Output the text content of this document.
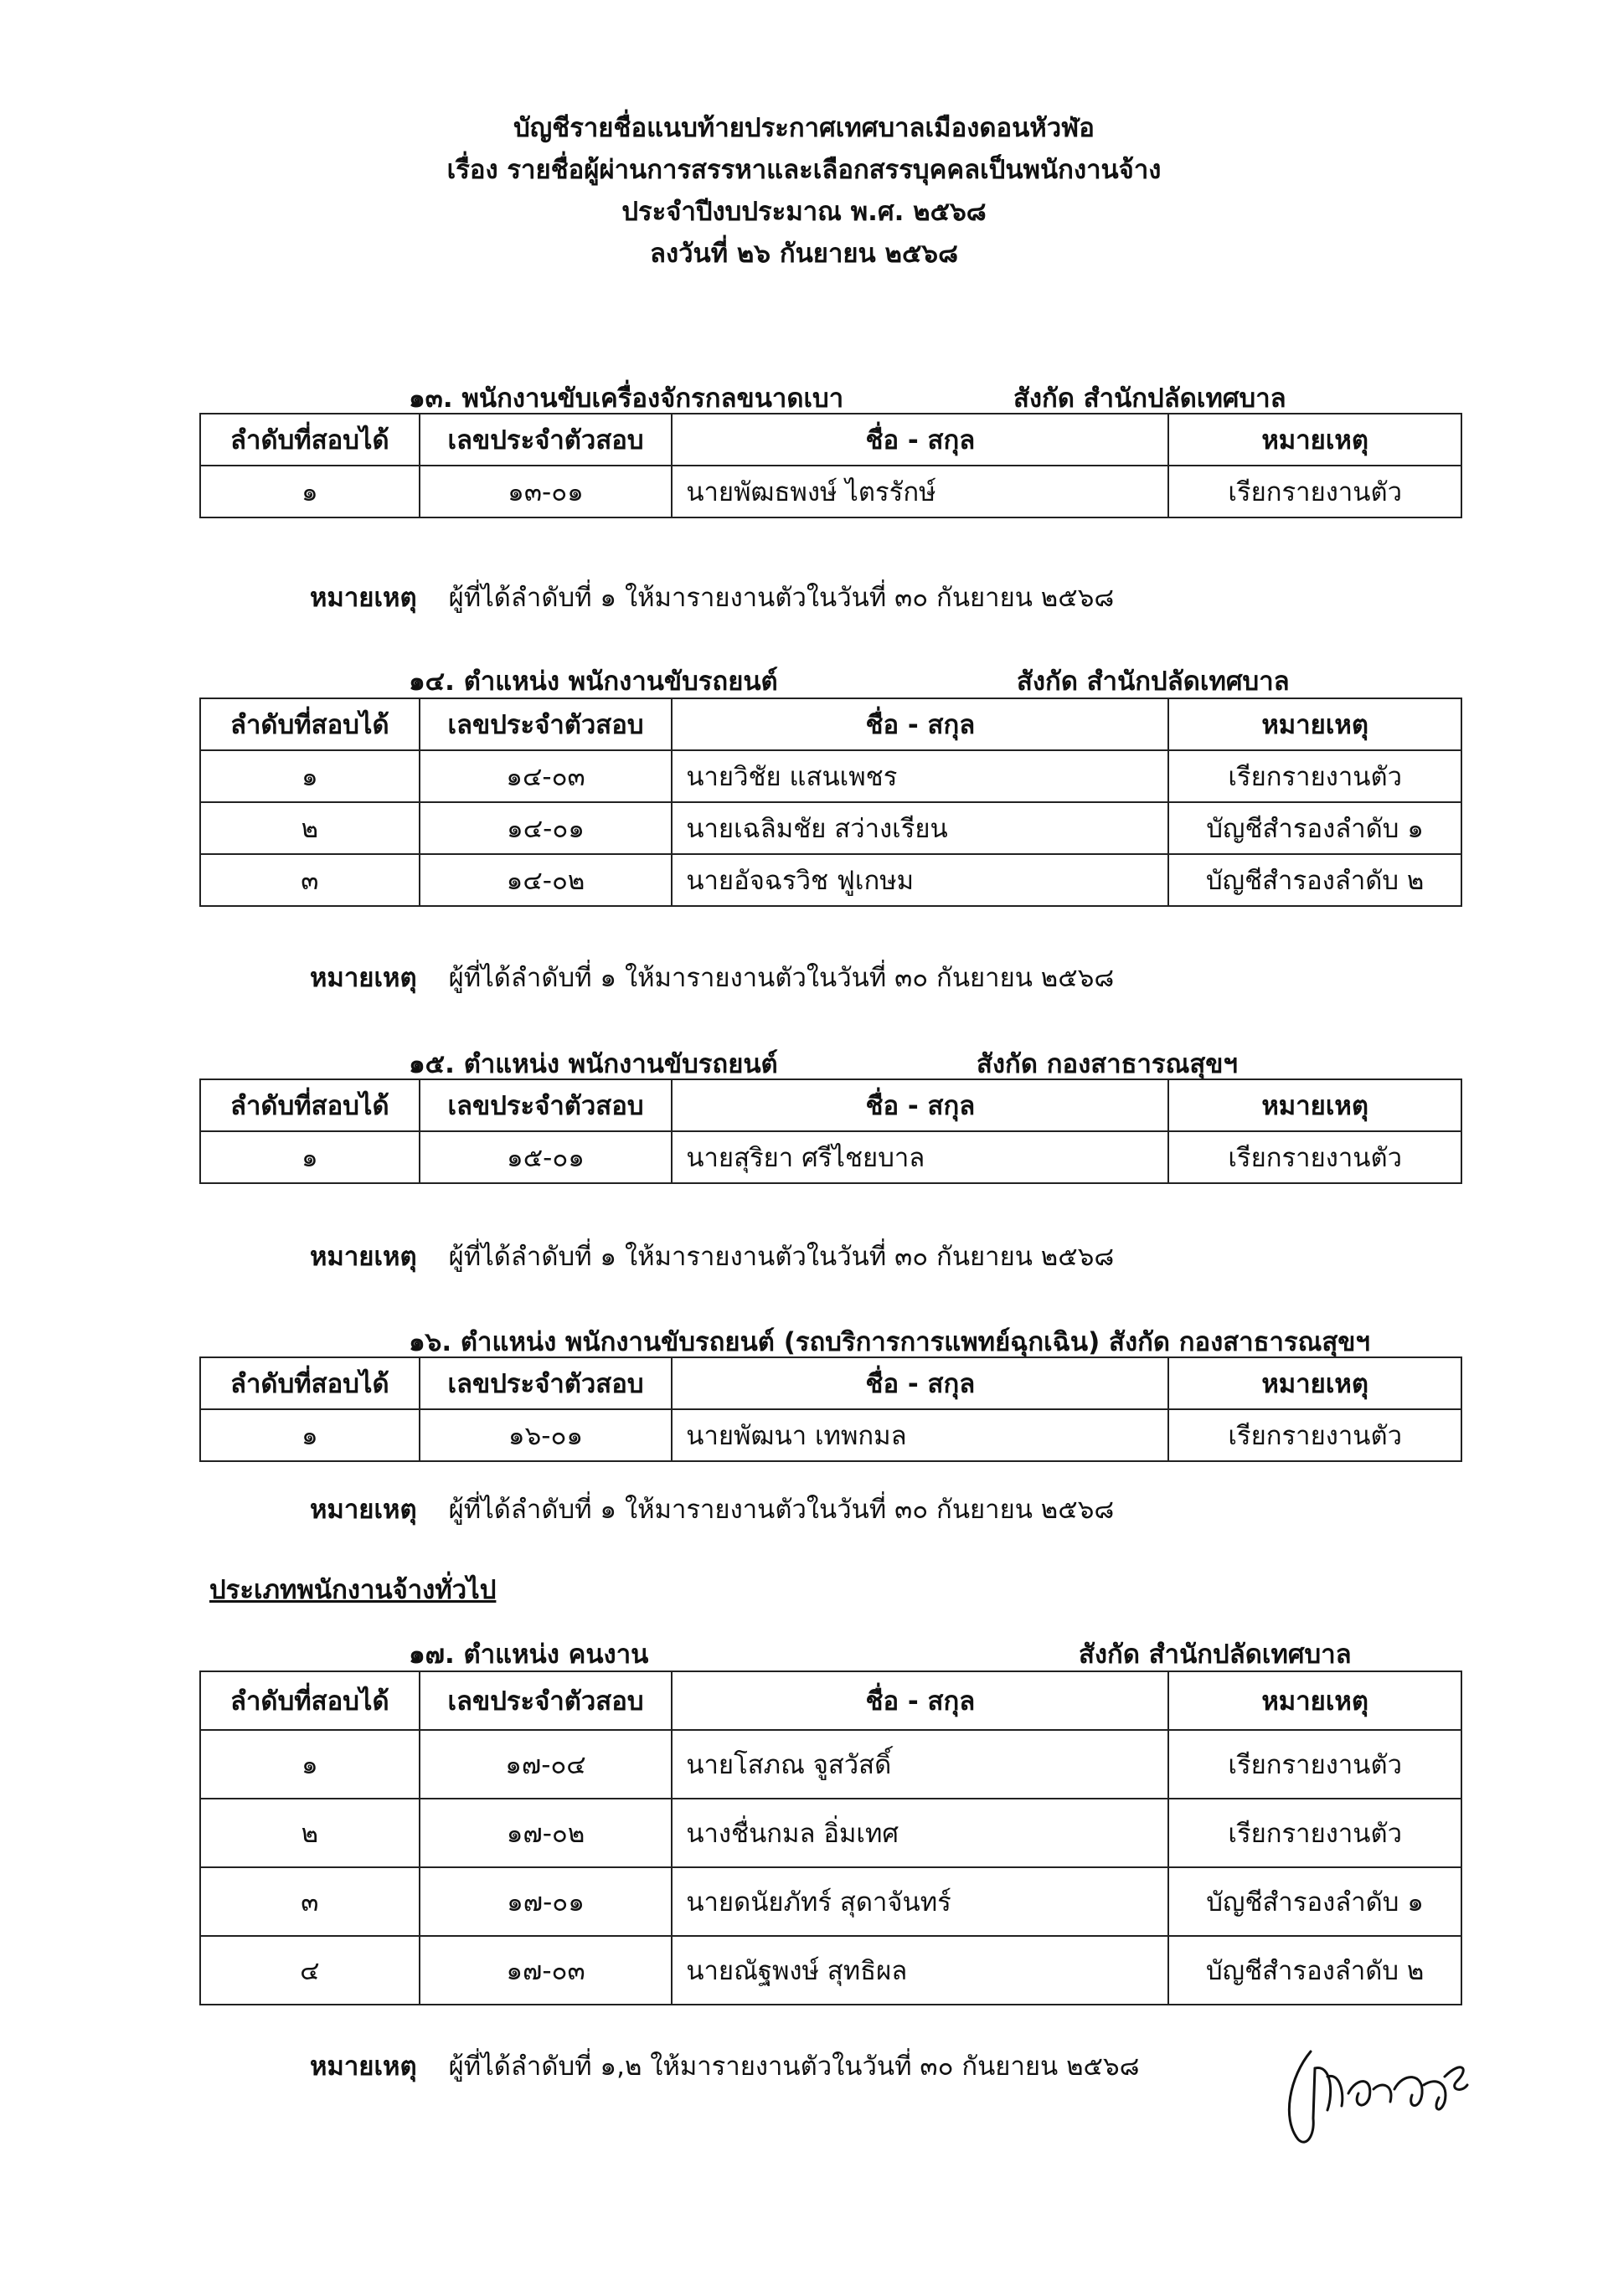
บัญชีรายชื่อแนบท้ายประกาศเทศบาลเมืองดอนหัวฬ่อ
เรื่อง รายชื่อผู้ผ่านการสรรหาและเลือกสรรบุคคลเป็นพนักงานจ้าง
ประจำปีงบประมาณ พ.ศ. ๒๕๖๘
ลงวันที่ ๒๖ กันยายน ๒๕๖๘
๑๓. พนักงานขับเครื่องจักรกลขนาดเบา	สังกัด สำนักปลัดเทศบาล
ลำดับที่สอบได้	เลขประจำตัวสอบ	ชื่อ - สกุล	หมายเหตุ
๑	๑๓-๐๑	นายพัฒธพงษ์ ไตรรักษ์	เรียกรายงานตัว
หมายเหตุ ผู้ที่ได้ลำดับที่ ๑ ให้มารายงานตัวในวันที่ ๓๐ กันยายน ๒๕๖๘
๑๔. ตำแหน่ง พนักงานขับรถยนต์	สังกัด สำนักปลัดเทศบาล
ลำดับที่สอบได้	เลขประจำตัวสอบ	ชื่อ - สกุล	หมายเหตุ
๑	๑๔-๐๓	นายวิชัย แสนเพชร	เรียกรายงานตัว
๒	๑๔-๐๑	นายเฉลิมชัย สว่างเรียน	บัญชีสำรองลำดับ ๑
๓	๑๔-๐๒	นายอัจฉรวิช ฟูเกษม	บัญชีสำรองลำดับ ๒
หมายเหตุ ผู้ที่ได้ลำดับที่ ๑ ให้มารายงานตัวในวันที่ ๓๐ กันยายน ๒๕๖๘
๑๕. ตำแหน่ง พนักงานขับรถยนต์	สังกัด กองสาธารณสุขฯ
ลำดับที่สอบได้	เลขประจำตัวสอบ	ชื่อ - สกุล	หมายเหตุ
๑	๑๕-๐๑	นายสุริยา ศรีไชยบาล	เรียกรายงานตัว
หมายเหตุ ผู้ที่ได้ลำดับที่ ๑ ให้มารายงานตัวในวันที่ ๓๐ กันยายน ๒๕๖๘
๑๖. ตำแหน่ง พนักงานขับรถยนต์ (รถบริการการแพทย์ฉุกเฉิน) สังกัด กองสาธารณสุขฯ
ลำดับที่สอบได้	เลขประจำตัวสอบ	ชื่อ - สกุล	หมายเหตุ
๑	๑๖-๐๑	นายพัฒนา เทพกมล	เรียกรายงานตัว
หมายเหตุ ผู้ที่ได้ลำดับที่ ๑ ให้มารายงานตัวในวันที่ ๓๐ กันยายน ๒๕๖๘
ประเภทพนักงานจ้างทั่วไป
๑๗. ตำแหน่ง คนงาน	สังกัด สำนักปลัดเทศบาล
ลำดับที่สอบได้	เลขประจำตัวสอบ	ชื่อ - สกุล	หมายเหตุ
๑	๑๗-๐๔	นายโสภณ จูสวัสดิ์	เรียกรายงานตัว
๒	๑๗-๐๒	นางชื่นกมล อิ่มเทศ	เรียกรายงานตัว
๓	๑๗-๐๑	นายดนัยภัทร์ สุดาจันทร์	บัญชีสำรองลำดับ ๑
๔	๑๗-๐๓	นายณัฐพงษ์ สุทธิผล	บัญชีสำรองลำดับ ๒
หมายเหตุ ผู้ที่ได้ลำดับที่ ๑,๒ ให้มารายงานตัวในวันที่ ๓๐ กันยายน ๒๕๖๘
